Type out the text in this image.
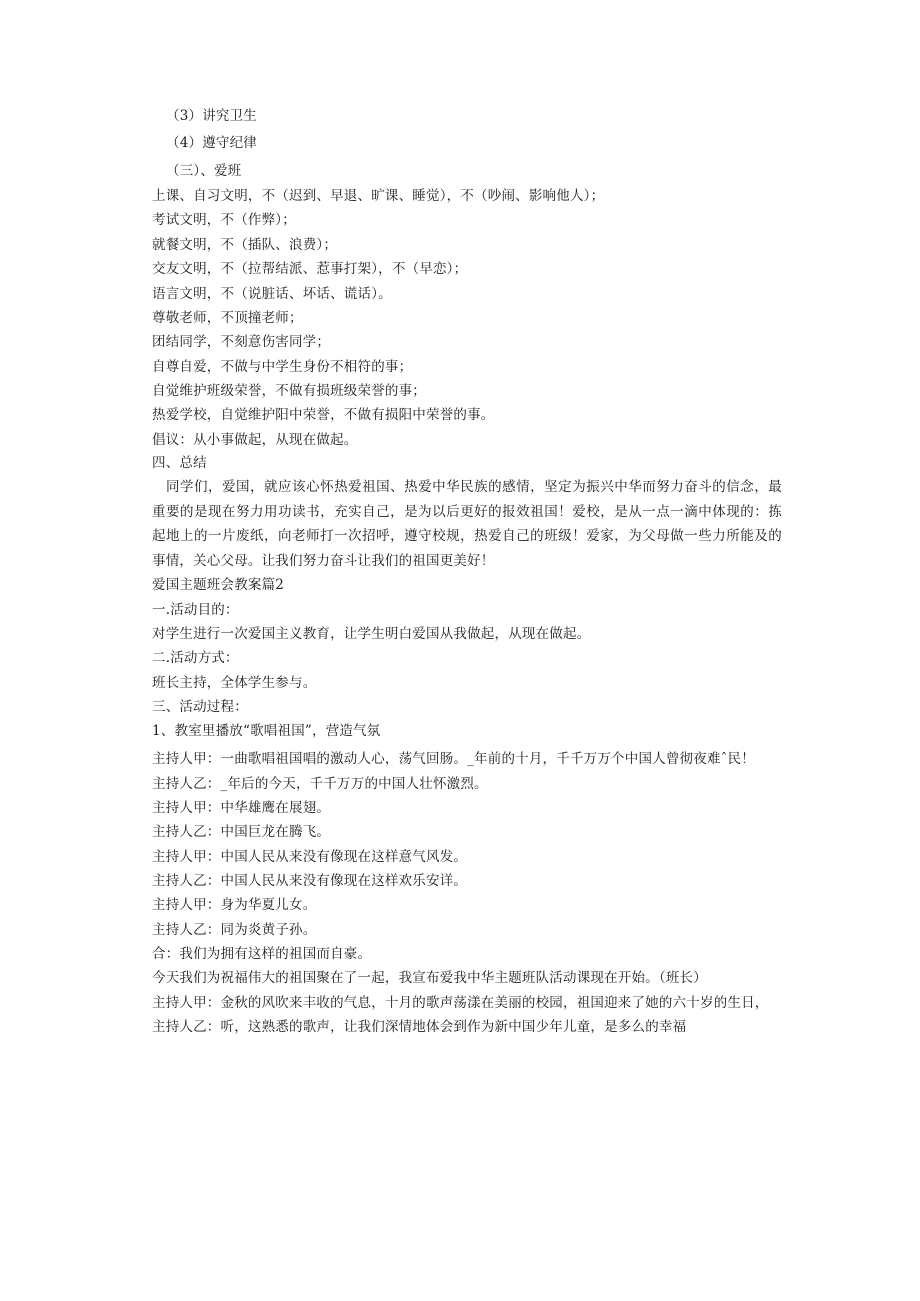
（3）讲究卫生
（4）遵守纪律
（三）、爱班
上课、自习文明，不（迟到、早退、旷课、睡觉），不（吵闹、影响他人）；
考试文明，不（作弊）；
就餐文明，不（插队、浪费）；
交友文明，不（拉帮结派、惹事打架），不（早恋）；
语言文明，不（说脏话、坏话、谎话）。
尊敬老师，不顶撞老师；
团结同学，不刻意伤害同学；
自尊自爱，不做与中学生身份不相符的事；
自觉维护班级荣誉，不做有损班级荣誉的事；
热爱学校，自觉维护阳中荣誉，不做有损阳中荣誉的事。
倡议：从小事做起，从现在做起。
四、总结
同学们，爱国，就应该心怀热爱祖国、热爱中华民族的感情，坚定为振兴中华而努力奋斗的信念，最重要的是现在努力用功读书，充实自己，是为以后更好的报效祖国！爱校，是从一点一滴中体现的：拣起地上的一片废纸，向老师打一次招呼，遵守校规，热爱自己的班级！爱家，为父母做一些力所能及的事情，关心父母。让我们努力奋斗让我们的祖国更美好！
爱国主题班会教案篇2
一.活动目的：
对学生进行一次爱国主义教育，让学生明白爱国从我做起，从现在做起。
二.活动方式：
班长主持，全体学生参与。
三、活动过程：
1、教室里播放“歌唱祖国”，营造气氛
主持人甲：一曲歌唱祖国唱的激动人心，荡气回肠。_年前的十月，千千万万个中国人曾彻夜难ˆ民！
主持人乙：_年后的今天，千千万万的中国人壮怀激烈。
主持人甲：中华雄鹰在展翅。
主持人乙：中国巨龙在腾飞。
主持人甲：中国人民从来没有像现在这样意气风发。
主持人乙：中国人民从来没有像现在这样欢乐安详。
主持人甲：身为华夏儿女。
主持人乙：同为炎黄子孙。
合：我们为拥有这样的祖国而自豪。
今天我们为祝福伟大的祖国聚在了一起，我宣布爱我中华主题班队活动课现在开始。（班长）
主持人甲：金秋的风吹来丰收的气息，十月的歌声荡漾在美丽的校园，祖国迎来了她的六十岁的生日，
主持人乙：听，这熟悉的歌声，让我们深情地体会到作为新中国少年儿童，是多么的幸福
